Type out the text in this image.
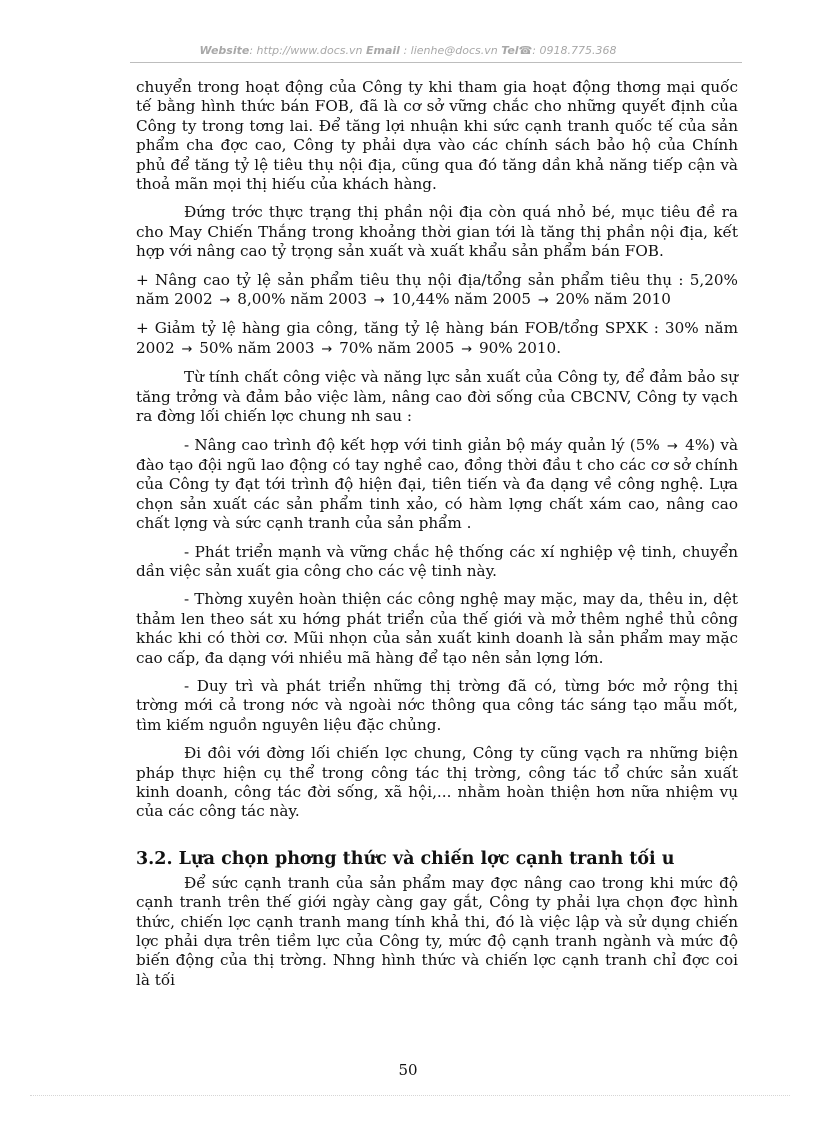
Website: http://www.docs.vn Email : lienhe@docs.vn Tel☎: 0918.775.368

chuyển trong hoạt động của Công ty khi tham gia hoạt động thơng mại quốc tế bằng hình thức bán FOB, đã là cơ sở vững chắc cho những quyết định của Công ty trong tơng lai. Để tăng lợi nhuận khi sức cạnh tranh quốc tế của sản phẩm cha đợc cao, Công ty phải dựa vào các chính sách bảo hộ của Chính phủ để tăng tỷ lệ tiêu thụ nội địa, cũng qua đó tăng dần khả năng tiếp cận và thoả mãn mọi thị hiếu của khách hàng.

Đứng trớc thực trạng thị phần nội địa còn quá nhỏ bé, mục tiêu đề ra cho May Chiến Thắng trong khoảng thời gian tới là tăng thị phần nội địa, kết hợp với nâng cao tỷ trọng sản xuất và xuất khẩu sản phẩm bán FOB.

+ Nâng cao tỷ lệ sản phẩm tiêu thụ nội địa/tổng sản phẩm tiêu thụ : 5,20% năm 2002 → 8,00% năm 2003 → 10,44% năm 2005 → 20% năm 2010

+ Giảm tỷ lệ hàng gia công, tăng tỷ lệ hàng bán FOB/tổng SPXK : 30% năm 2002 → 50% năm 2003 → 70% năm 2005 → 90% 2010.

Từ tính chất công việc và năng lực sản xuất của Công ty, để đảm bảo sự tăng trởng và đảm bảo việc làm, nâng cao đời sống của CBCNV, Công ty vạch ra đờng lối chiến lợc chung nh sau :

- Nâng cao trình độ kết hợp với tinh giản bộ máy quản lý (5% → 4%) và đào tạo đội ngũ lao động có tay nghề cao, đồng thời đầu t cho các cơ sở chính của Công ty đạt tới trình độ hiện đại, tiên tiến và đa dạng về công nghệ. Lựa chọn sản xuất các sản phẩm tinh xảo, có hàm lợng chất xám cao, nâng cao chất lợng và sức cạnh tranh của sản phẩm .

- Phát triển mạnh và vững chắc hệ thống các xí nghiệp vệ tinh, chuyển dần việc sản xuất gia công cho các vệ tinh này.

- Thờng xuyên hoàn thiện các công nghệ may mặc, may da, thêu in, dệt thảm len theo sát xu hớng phát triển của thế giới và mở thêm nghề thủ công khác khi có thời cơ. Mũi nhọn của sản xuất kinh doanh là sản phẩm may mặc cao cấp, đa dạng với nhiều mã hàng để tạo nên sản lợng lớn.

- Duy trì và phát triển những thị trờng đã có, từng bớc mở rộng thị trờng mới cả trong nớc và ngoài nớc thông qua công tác sáng tạo mẫu mốt, tìm kiếm nguồn nguyên liệu đặc chủng.

Đi đôi với đờng lối chiến lợc chung, Công ty cũng vạch ra những biện pháp thực hiện cụ thể trong công tác thị trờng, công tác tổ chức sản xuất kinh doanh, công tác đời sống, xã hội,... nhằm hoàn thiện hơn nữa nhiệm vụ của các công tác này.

3.2. Lựa chọn phơng thức và chiến lợc cạnh tranh tối u

Để sức cạnh tranh của sản phẩm may đợc nâng cao trong khi mức độ cạnh tranh trên thế giới ngày càng gay gắt, Công ty phải lựa chọn đợc hình thức, chiến lợc cạnh tranh mang tính khả thi, đó là việc lập và sử dụng chiến lợc phải dựa trên tiềm lực của Công ty, mức độ cạnh tranh ngành và mức độ biến động của thị trờng. Nhng hình thức và chiến lợc cạnh tranh chỉ đợc coi là tối

50
